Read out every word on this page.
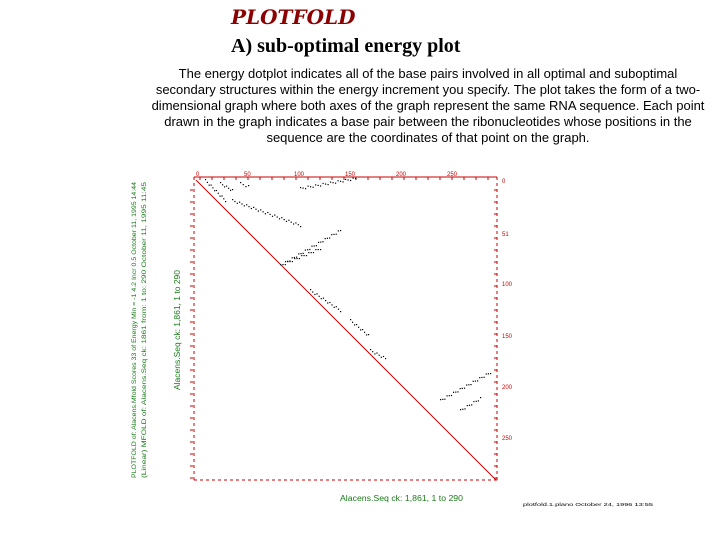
PLOTFOLD
A) sub-optimal energy plot

The energy dotplot indicates all of the base pairs involved in all optimal and suboptimal secondary structures within the energy increment you specify. The plot takes the form of a two-dimensional graph where both axes of the graph represent the same RNA sequence. Each point drawn in the graph indicates a base pair between the ribonucleotides whose positions in the sequence are the coordinates of that point on the graph.

0	50	100	150	200	250
0
51
100
150
200
250
PLOTFOLD of: Alacens.Mfold Scores 33 of Energy Min = -1 4.2 Incr 0.5 October 11, 1995 14:44 (Linear) MFOLD of: Alacens.Seq ck: 1861 from: 1 to: 290 October 11, 1995 11:45	Alacens.Seq ck: 1,861, 1 to 290
Alacens.Seq ck: 1,861, 1 to 290
plotfold.1.plano October 24, 1996 13:55
